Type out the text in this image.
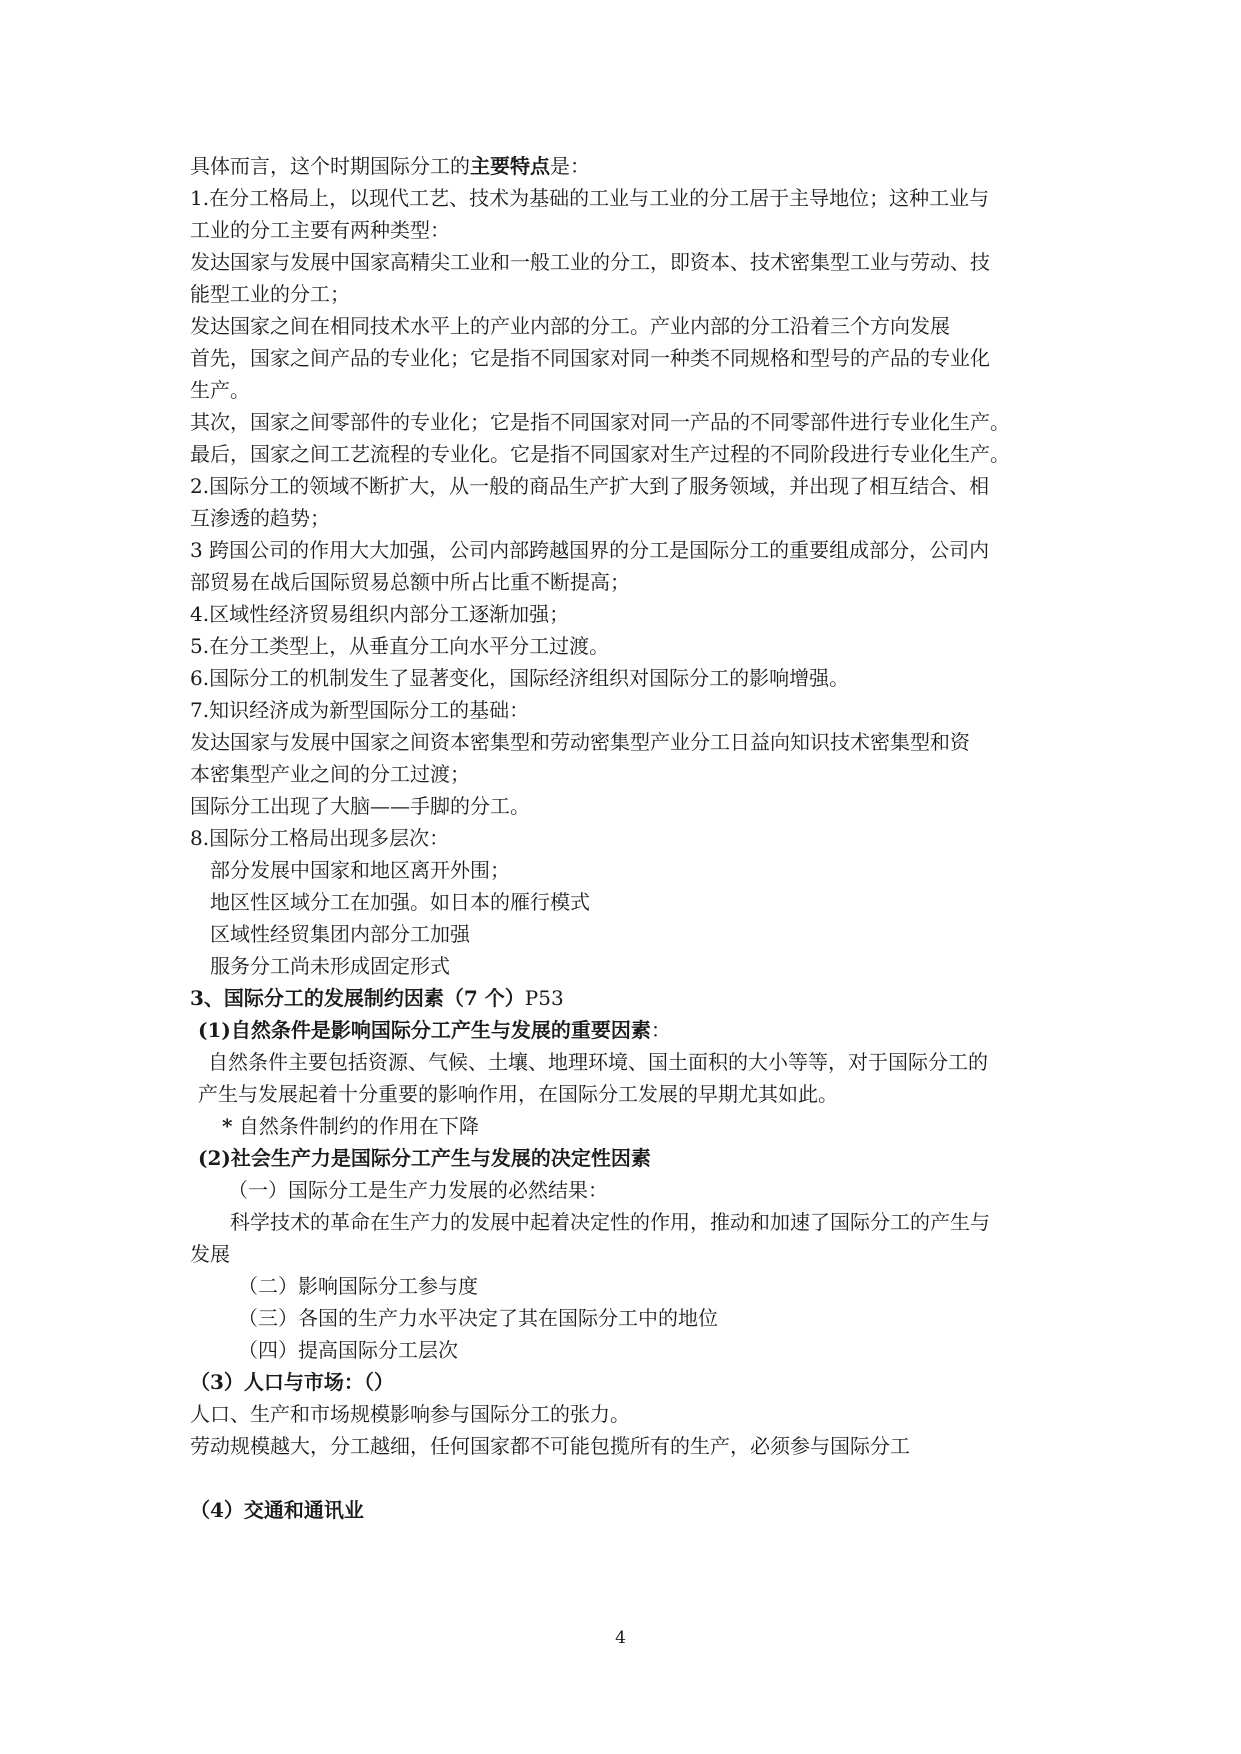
具体而言，这个时期国际分工的主要特点是：

1.在分工格局上，以现代工艺、技术为基础的工业与工业的分工居于主导地位；这种工业与

工业的分工主要有两种类型：

发达国家与发展中国家高精尖工业和一般工业的分工，即资本、技术密集型工业与劳动、技

能型工业的分工；

发达国家之间在相同技术水平上的产业内部的分工。产业内部的分工沿着三个方向发展

首先，国家之间产品的专业化；它是指不同国家对同一种类不同规格和型号的产品的专业化

生产。

其次，国家之间零部件的专业化；它是指不同国家对同一产品的不同零部件进行专业化生产。

最后，国家之间工艺流程的专业化。它是指不同国家对生产过程的不同阶段进行专业化生产。

2.国际分工的领域不断扩大，从一般的商品生产扩大到了服务领域，并出现了相互结合、相

互渗透的趋势；

3 跨国公司的作用大大加强，公司内部跨越国界的分工是国际分工的重要组成部分，公司内

部贸易在战后国际贸易总额中所占比重不断提高；

4.区域性经济贸易组织内部分工逐渐加强；

5.在分工类型上，从垂直分工向水平分工过渡。

6.国际分工的机制发生了显著变化，国际经济组织对国际分工的影响增强。

7.知识经济成为新型国际分工的基础：

发达国家与发展中国家之间资本密集型和劳动密集型产业分工日益向知识技术密集型和资

本密集型产业之间的分工过渡；

国际分工出现了大脑——手脚的分工。

8.国际分工格局出现多层次：

部分发展中国家和地区离开外围；

地区性区域分工在加强。如日本的雁行模式

区域性经贸集团内部分工加强

服务分工尚未形成固定形式

3、国际分工的发展制约因素（7 个）P53

(1)自然条件是影响国际分工产生与发展的重要因素：

自然条件主要包括资源、气候、土壤、地理环境、国土面积的大小等等，对于国际分工的

产生与发展起着十分重要的影响作用，在国际分工发展的早期尤其如此。

* 自然条件制约的作用在下降

(2)社会生产力是国际分工产生与发展的决定性因素

（一）国际分工是生产力发展的必然结果：

科学技术的革命在生产力的发展中起着决定性的作用，推动和加速了国际分工的产生与

发展

（二）影响国际分工参与度

（三）各国的生产力水平决定了其在国际分工中的地位

（四）提高国际分工层次

（3）人口与市场：（）

人口、生产和市场规模影响参与国际分工的张力。

劳动规模越大，分工越细，任何国家都不可能包揽所有的生产，必须参与国际分工

（4）交通和通讯业

4
